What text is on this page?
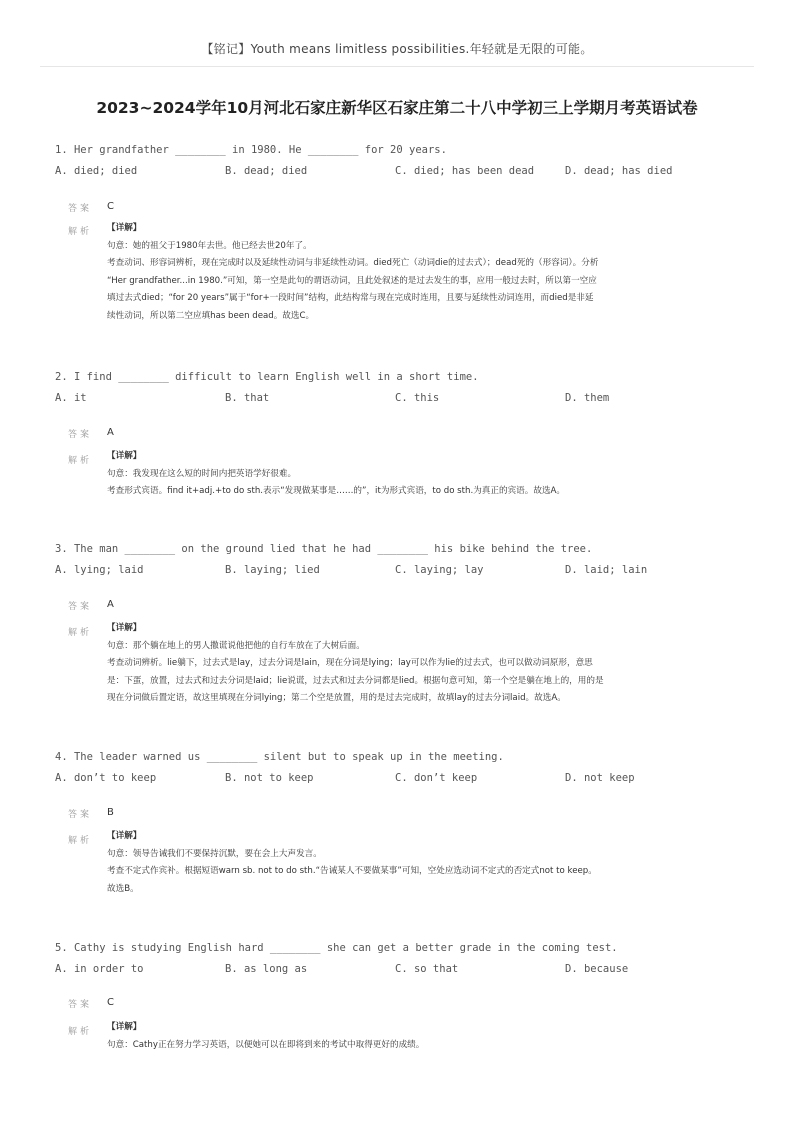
【铭记】Youth means limitless possibilities.年轻就是无限的可能。
2023~2024学年10月河北石家庄新华区石家庄第二十八中学初三上学期月考英语试卷
1. Her grandfather ________ in 1980. He ________ for 20 years.
A. died; died	B. dead; died	C. died; has been dead	D. dead; has died
答案 C
解析 【详解】
句意：她的祖父于1980年去世。他已经去世20年了。
考查动词、形容词辨析，现在完成时以及延续性动词与非延续性动词。died死亡（动词die的过去式）；dead死的（形容词）。分析
“Her grandfather...in 1980.”可知，第一空是此句的谓语动词，且此处叙述的是过去发生的事，应用一般过去时，所以第一空应
填过去式died；“for 20 years”属于“for+一段时间”结构，此结构常与现在完成时连用，且要与延续性动词连用，而died是非延
续性动词，所以第二空应填has been dead。故选C。
2. I find ________ difficult to learn English well in a short time.
A. it	B. that	C. this	D. them
答案 A
解析 【详解】
句意：我发现在这么短的时间内把英语学好很难。
考查形式宾语。find it+adj.+to do sth.表示“发现做某事是……的”，it为形式宾语，to do sth.为真正的宾语。故选A。
3. The man ________ on the ground lied that he had ________ his bike behind the tree.
A. lying; laid	B. laying; lied	C. laying; lay	D. laid; lain
答案 A
解析 【详解】
句意：那个躺在地上的男人撒谎说他把他的自行车放在了大树后面。
考查动词辨析。lie躺下，过去式是lay，过去分词是lain，现在分词是lying；lay可以作为lie的过去式，也可以做动词原形，意思
是：下蛋，放置，过去式和过去分词是laid；lie说谎，过去式和过去分词都是lied。根据句意可知，第一个空是躺在地上的，用的是
现在分词做后置定语，故这里填现在分词lying；第二个空是放置，用的是过去完成时，故填lay的过去分词laid。故选A。
4. The leader warned us ________ silent but to speak up in the meeting.
A. don’t to keep	B. not to keep	C. don’t keep	D. not keep
答案 B
解析 【详解】
句意：领导告诫我们不要保持沉默，要在会上大声发言。
考查不定式作宾补。根据短语warn sb. not to do sth.“告诫某人不要做某事”可知，空处应选动词不定式的否定式not to keep。
故选B。
5. Cathy is studying English hard ________ she can get a better grade in the coming test.
A. in order to	B. as long as	C. so that	D. because
答案 C
解析 【详解】
句意：Cathy正在努力学习英语，以便她可以在即将到来的考试中取得更好的成绩。
